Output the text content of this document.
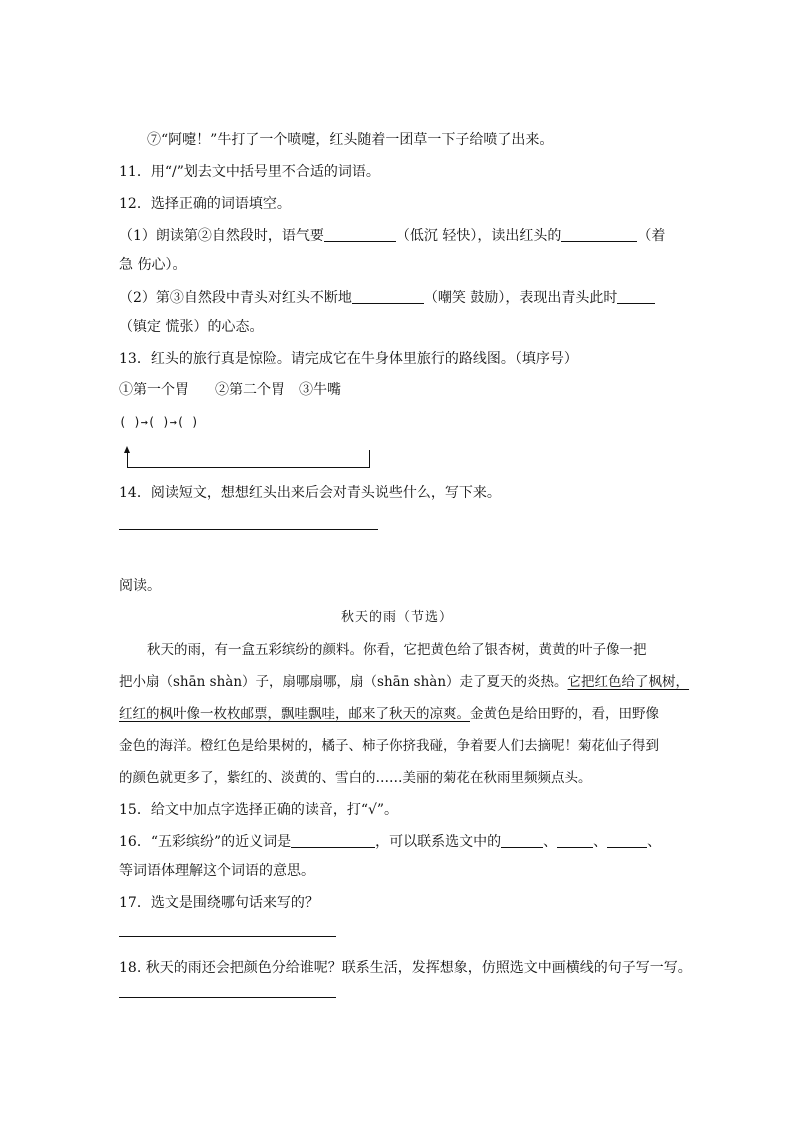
⑦“阿嚏！”牛打了一个喷嚏，红头随着一团草一下子给喷了出来。
11．用“/”划去文中括号里不合适的词语。
12．选择正确的词语填空。
（1）朗读第②自然段时，语气要	（低沉 轻快），读出红头的	（着
急 伤心）。
（2）第③自然段中青头对红头不断地	（嘲笑 鼓励），表现出青头此时
（镇定 慌张）的心态。
13．红头的旅行真是惊险。请完成它在牛身体里旅行的路线图。（填序号）
①第一个胃 ②第二个胃 ③牛嘴
( )→( )→( )
14．阅读短文，想想红头出来后会对青头说些什么，写下来。
阅读。
秋天的雨（节选）
秋天的雨，有一盒五彩缤纷的颜料。你看，它把黄色给了银杏树，黄黄的叶子像一把
把小扇（shān shàn）子，扇哪扇哪，扇（shān shàn）走了夏天的炎热。它把红色给了枫树，
红红的枫叶像一枚枚邮票，飘哇飘哇，邮来了秋天的凉爽。金黄色是给田野的，看，田野像
金色的海洋。橙红色是给果树的，橘子、柿子你挤我碰，争着要人们去摘呢！菊花仙子得到
的颜色就更多了，紫红的、淡黄的、雪白的……美丽的菊花在秋雨里频频点头。
15．给文中加点字选择正确的读音，打“√”。
16．“五彩缤纷”的近义词是	，可以联系选文中的	、	、	、
等词语体理解这个词语的意思。
17．选文是围绕哪句话来写的？
18. 秋天的雨还会把颜色分给谁呢？联系生活，发挥想象，仿照选文中画横线的句子写一写。
